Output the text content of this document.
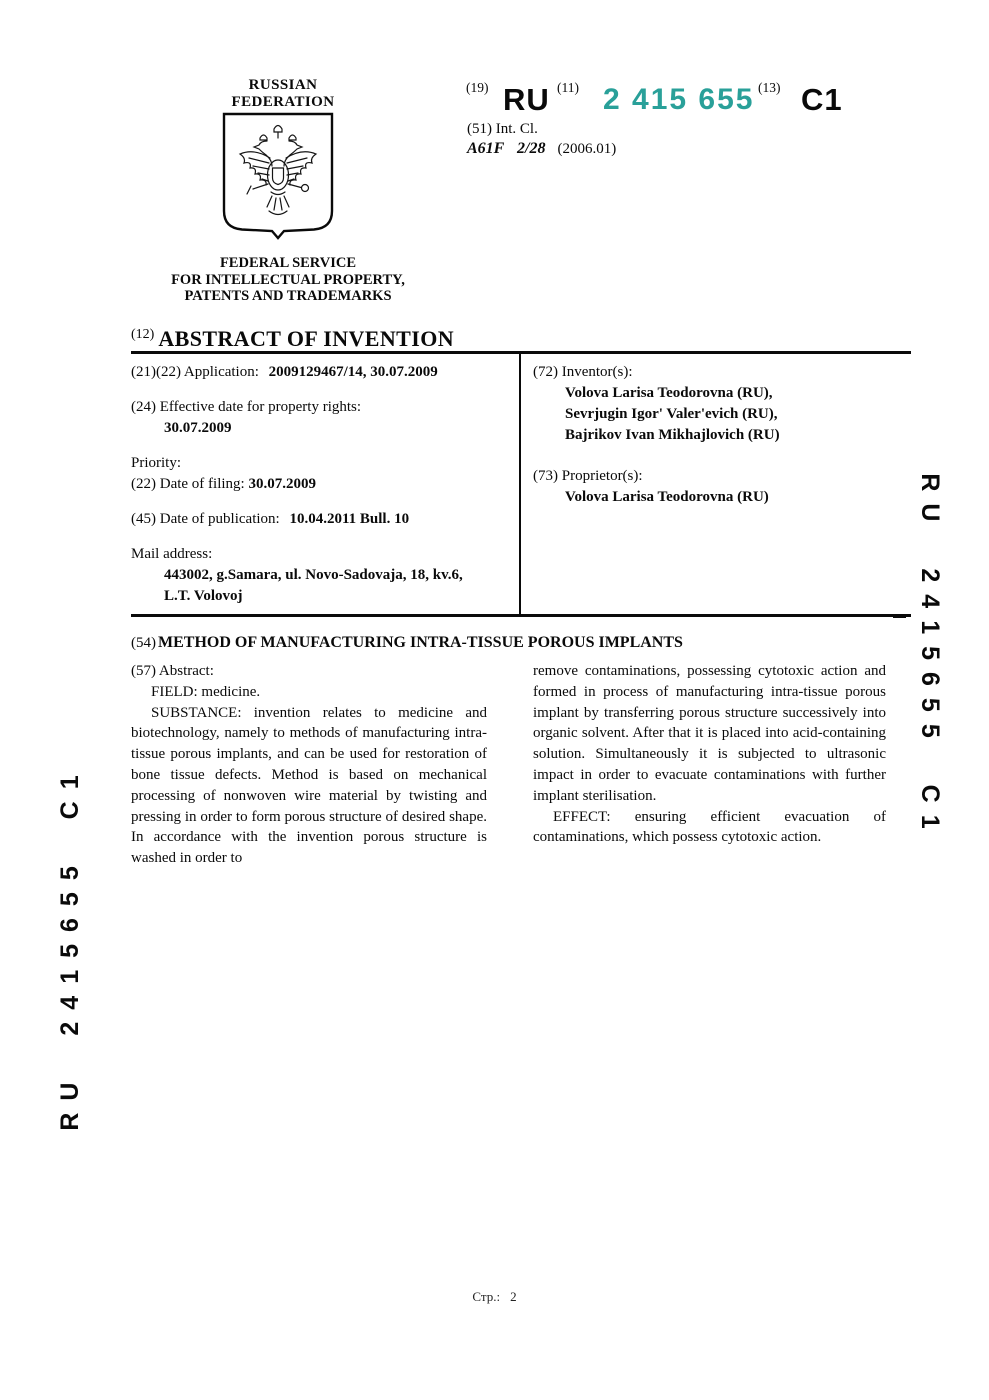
RUSSIAN FEDERATION
FEDERAL SERVICE
FOR INTELLECTUAL PROPERTY,
PATENTS AND TRADEMARKS
(19) RU (11) 2 415 655 (13) C1
(51) Int. Cl.
A61F 2/28 (2006.01)
(12) ABSTRACT OF INVENTION
(21)(22) Application: 2009129467/14, 30.07.2009
(24) Effective date for property rights:
30.07.2009
Priority:
(22) Date of filing: 30.07.2009
(45) Date of publication: 10.04.2011 Bull. 10
Mail address:
443002, g.Samara, ul. Novo-Sadovaja, 18, kv.6,
L.T. Volovoj
(72) Inventor(s):
Volova Larisa Teodorovna (RU),
Sevrjugin Igor' Valer'evich (RU),
Bajrikov Ivan Mikhajlovich (RU)
(73) Proprietor(s):
Volova Larisa Teodorovna (RU)
(54) METHOD OF MANUFACTURING INTRA-TISSUE POROUS IMPLANTS
(57) Abstract:

FIELD: medicine.

SUBSTANCE: invention relates to medicine and biotechnology, namely to methods of manufacturing intra-tissue porous implants, and can be used for restoration of bone tissue defects. Method is based on mechanical processing of nonwoven wire material by twisting and pressing in order to form porous structure of desired shape. In accordance with the invention porous structure is washed in order to

remove contaminations, possessing cytotoxic action and formed in process of manufacturing intra-tissue porous implant by transferring porous structure successively into organic solvent. After that it is placed into acid-containing solution. Simultaneously it is subjected to ultrasonic impact in order to evacuate contaminations with further implant sterilisation.

EFFECT: ensuring efficient evacuation of contaminations, which possess cytotoxic action.

RU 2415655 C1
RU 2415655 C1
Стр.: 2
